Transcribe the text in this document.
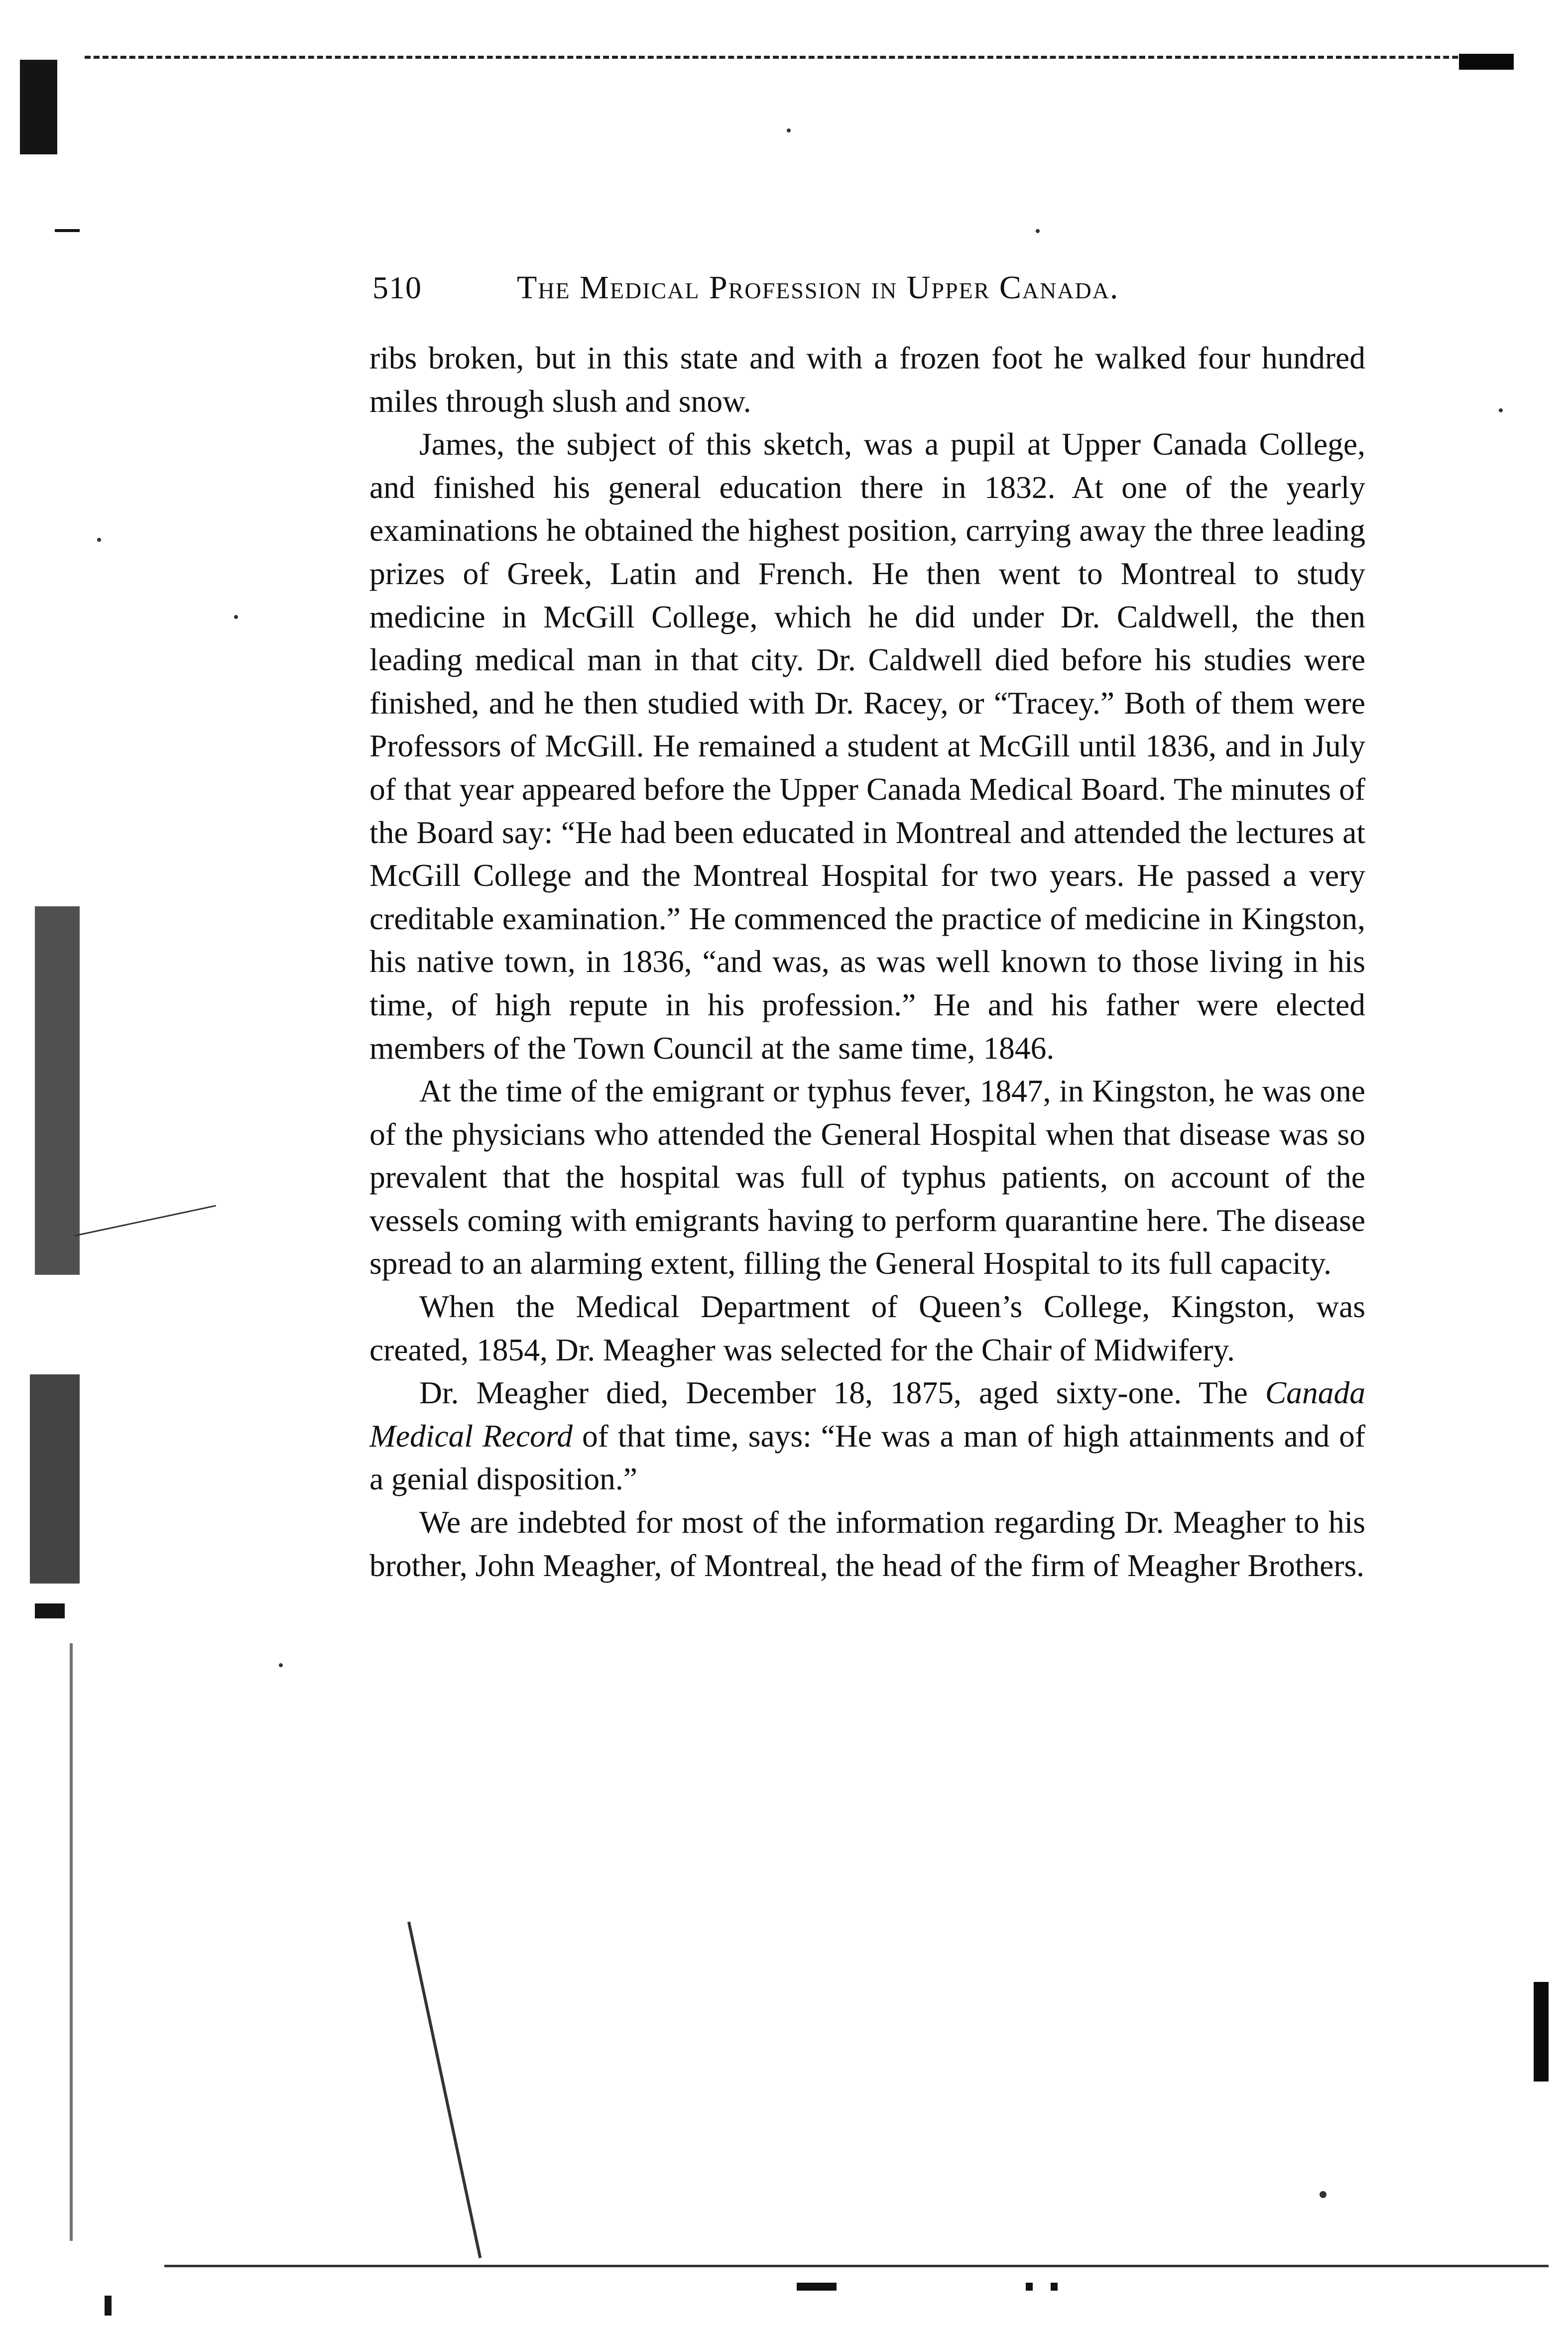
510	The Medical Profession in Upper Canada.

ribs broken, but in this state and with a frozen foot he walked four hundred miles through slush and snow.

James, the subject of this sketch, was a pupil at Upper Canada College, and finished his general education there in 1832. At one of the yearly examinations he obtained the highest position, carrying away the three leading prizes of Greek, Latin and French. He then went to Montreal to study medicine in McGill College, which he did under Dr. Caldwell, the then leading medical man in that city. Dr. Caldwell died before his studies were finished, and he then studied with Dr. Racey, or “Tracey.” Both of them were Professors of McGill. He remained a student at McGill until 1836, and in July of that year appeared before the Upper Canada Medical Board. The minutes of the Board say: “He had been educated in Montreal and attended the lectures at McGill College and the Montreal Hospital for two years. He passed a very creditable examination.” He commenced the practice of medicine in Kingston, his native town, in 1836, “and was, as was well known to those living in his time, of high repute in his profession.” He and his father were elected members of the Town Council at the same time, 1846.

At the time of the emigrant or typhus fever, 1847, in Kingston, he was one of the physicians who attended the General Hospital when that disease was so prevalent that the hospital was full of typhus patients, on account of the vessels coming with emigrants having to perform quarantine here. The disease spread to an alarming extent, filling the General Hospital to its full capacity.

When the Medical Department of Queen’s College, Kingston, was created, 1854, Dr. Meagher was selected for the Chair of Midwifery.

Dr. Meagher died, December 18, 1875, aged sixty-one. The Canada Medical Record of that time, says: “He was a man of high attainments and of a genial disposition.”

We are indebted for most of the information regarding Dr. Meagher to his brother, John Meagher, of Montreal, the head of the firm of Meagher Brothers.
